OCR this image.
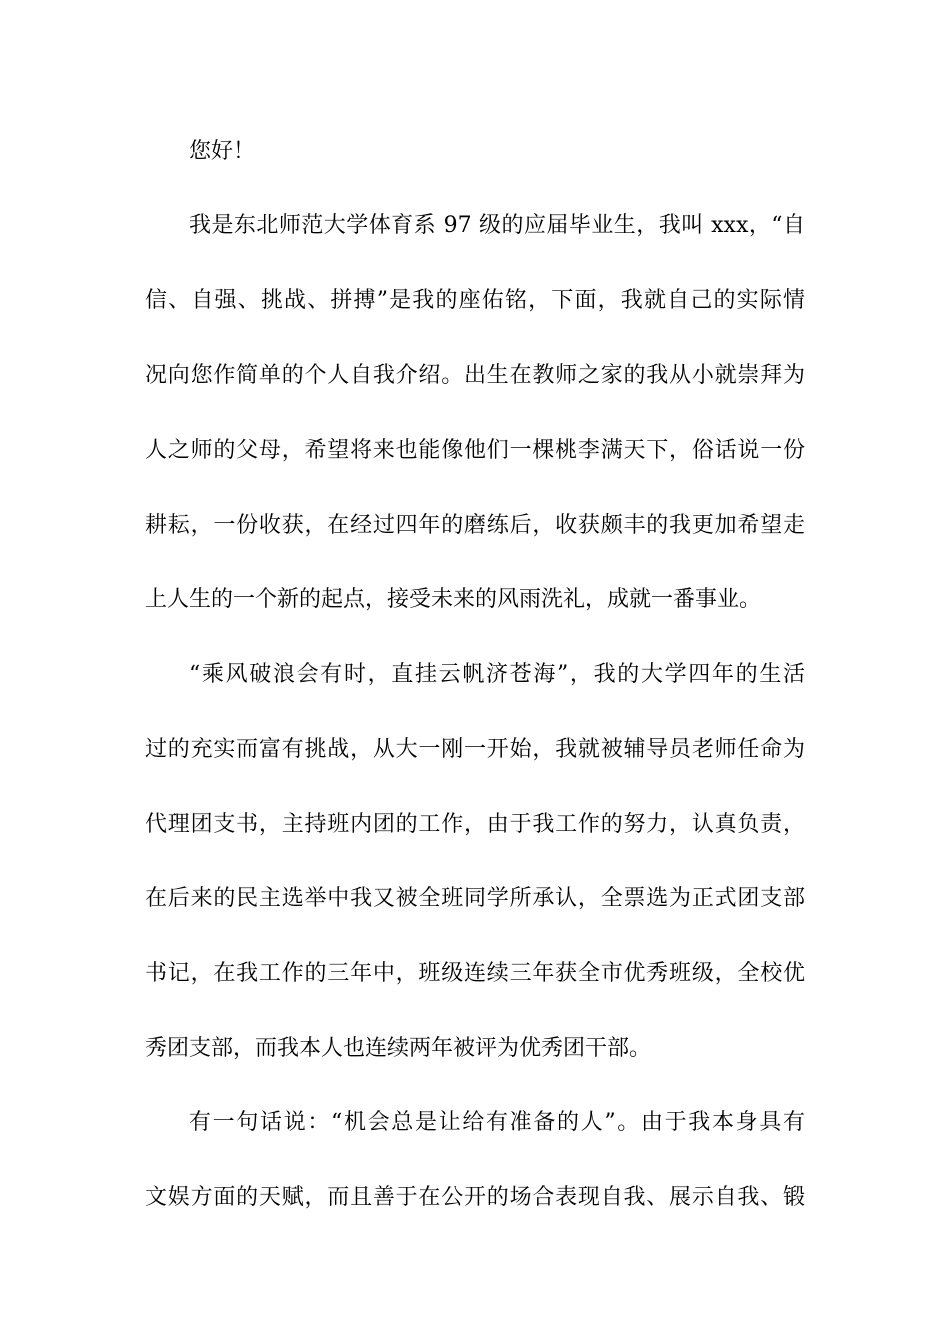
您好！
我是东北师范大学体育系 97 级的应届毕业生，我叫 xxx，“自
信、自强、挑战、拼搏”是我的座佑铭，下面，我就自己的实际情
况向您作简单的个人自我介绍。出生在教师之家的我从小就崇拜为
人之师的父母，希望将来也能像他们一棵桃李满天下，俗话说一份
耕耘，一份收获，在经过四年的磨练后，收获颇丰的我更加希望走
上人生的一个新的起点，接受未来的风雨洗礼，成就一番事业。
“乘风破浪会有时，直挂云帆济苍海”，我的大学四年的生活
过的充实而富有挑战，从大一刚一开始，我就被辅导员老师任命为
代理团支书，主持班内团的工作，由于我工作的努力，认真负责，
在后来的民主选举中我又被全班同学所承认，全票选为正式团支部
书记，在我工作的三年中，班级连续三年获全市优秀班级，全校优
秀团支部，而我本人也连续两年被评为优秀团干部。
有一句话说：“机会总是让给有准备的人”。由于我本身具有
文娱方面的天赋，而且善于在公开的场合表现自我、展示自我、锻
